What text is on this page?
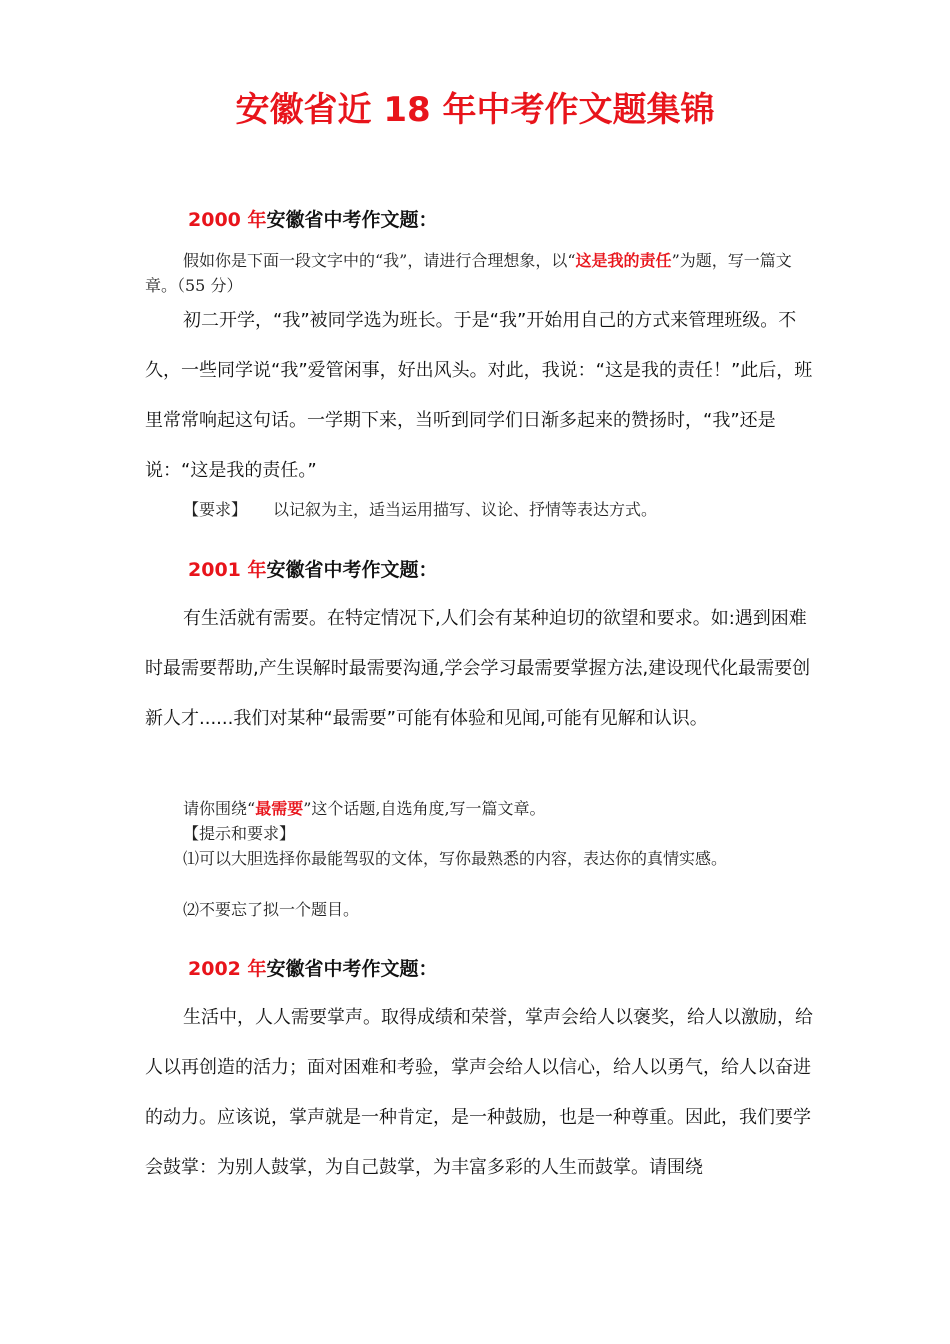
安徽省近 18 年中考作文题集锦
2000 年安徽省中考作文题：

假如你是下面一段文字中的“我”，请进行合理想象，以“这是我的责任”为题，写一篇文章。（55 分）

初二开学，“我”被同学选为班长。于是“我”开始用自己的方式来管理班级。不久，一些同学说“我”爱管闲事，好出风头。对此，我说：“这是我的责任！”此后，班里常常响起这句话。一学期下来，当听到同学们日渐多起来的赞扬时，“我”还是说：“这是我的责任。”

【要求】 以记叙为主，适当运用描写、议论、抒情等表达方式。

2001 年安徽省中考作文题：

有生活就有需要。在特定情况下,人们会有某种迫切的欲望和要求。如:遇到困难时最需要帮助,产生误解时最需要沟通,学会学习最需要掌握方法,建设现代化最需要创新人才......我们对某种“最需要”可能有体验和见闻,可能有见解和认识。

请你围绕“最需要”这个话题,自选角度,写一篇文章。

【提示和要求】

⑴可以大胆选择你最能驾驭的文体，写你最熟悉的内容，表达你的真情实感。

⑵不要忘了拟一个题目。

2002 年安徽省中考作文题：

生活中，人人需要掌声。取得成绩和荣誉，掌声会给人以褒奖，给人以激励，给人以再创造的活力；面对困难和考验，掌声会给人以信心，给人以勇气，给人以奋进的动力。应该说，掌声就是一种肯定，是一种鼓励，也是一种尊重。因此，我们要学会鼓掌：为别人鼓掌，为自己鼓掌，为丰富多彩的人生而鼓掌。请围绕
